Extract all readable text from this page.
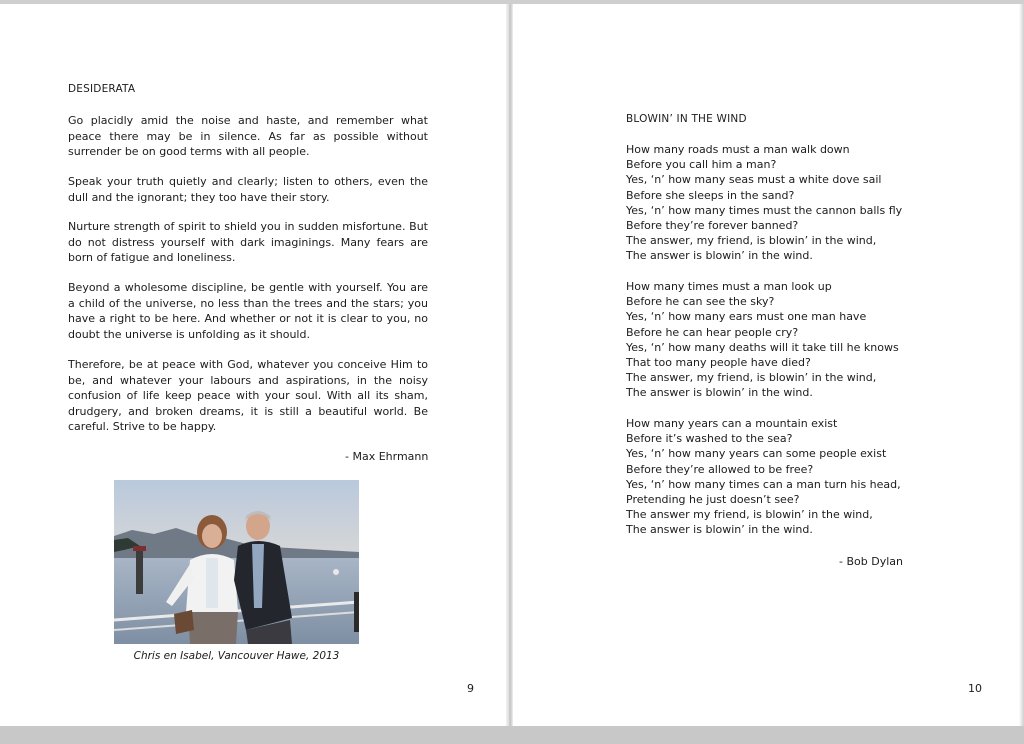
DESIDERATA

Go placidly amid the noise and haste, and remember what peace there may be in silence. As far as possible without surrender be on good terms with all people.

Speak your truth quietly and clearly; listen to others, even the dull and the ignorant; they too have their story.

Nurture strength of spirit to shield you in sudden misfortune. But do not distress yourself with dark imaginings. Many fears are born of fatigue and loneliness.

Beyond a wholesome discipline, be gentle with yourself. You are a child of the universe, no less than the trees and the stars; you have a right to be here. And whether or not it is clear to you, no doubt the universe is unfolding as it should.

Therefore, be at peace with God, whatever you conceive Him to be, and whatever your labours and aspirations, in the noisy confusion of life keep peace with your soul. With all its sham, drudgery, and broken dreams, it is still a beautiful world. Be careful. Strive to be happy.

- Max Ehrmann
Chris en Isabel, Vancouver Hawe, 2013
9
BLOWIN’ IN THE WIND
How many roads must a man walk down
Before you call him a man?
Yes, ‘n’ how many seas must a white dove sail
Before she sleeps in the sand?
Yes, ‘n’ how many times must the cannon balls fly
Before they’re forever banned?
The answer, my friend, is blowin’ in the wind,
The answer is blowin’ in the wind.
How many times must a man look up
Before he can see the sky?
Yes, ‘n’ how many ears must one man have
Before he can hear people cry?
Yes, ‘n’ how many deaths will it take till he knows
That too many people have died?
The answer, my friend, is blowin’ in the wind,
The answer is blowin’ in the wind.
How many years can a mountain exist
Before it’s washed to the sea?
Yes, ‘n’ how many years can some people exist
Before they’re allowed to be free?
Yes, ‘n’ how many times can a man turn his head,
Pretending he just doesn’t see?
The answer my friend, is blowin’ in the wind,
The answer is blowin’ in the wind.
- Bob Dylan
10
